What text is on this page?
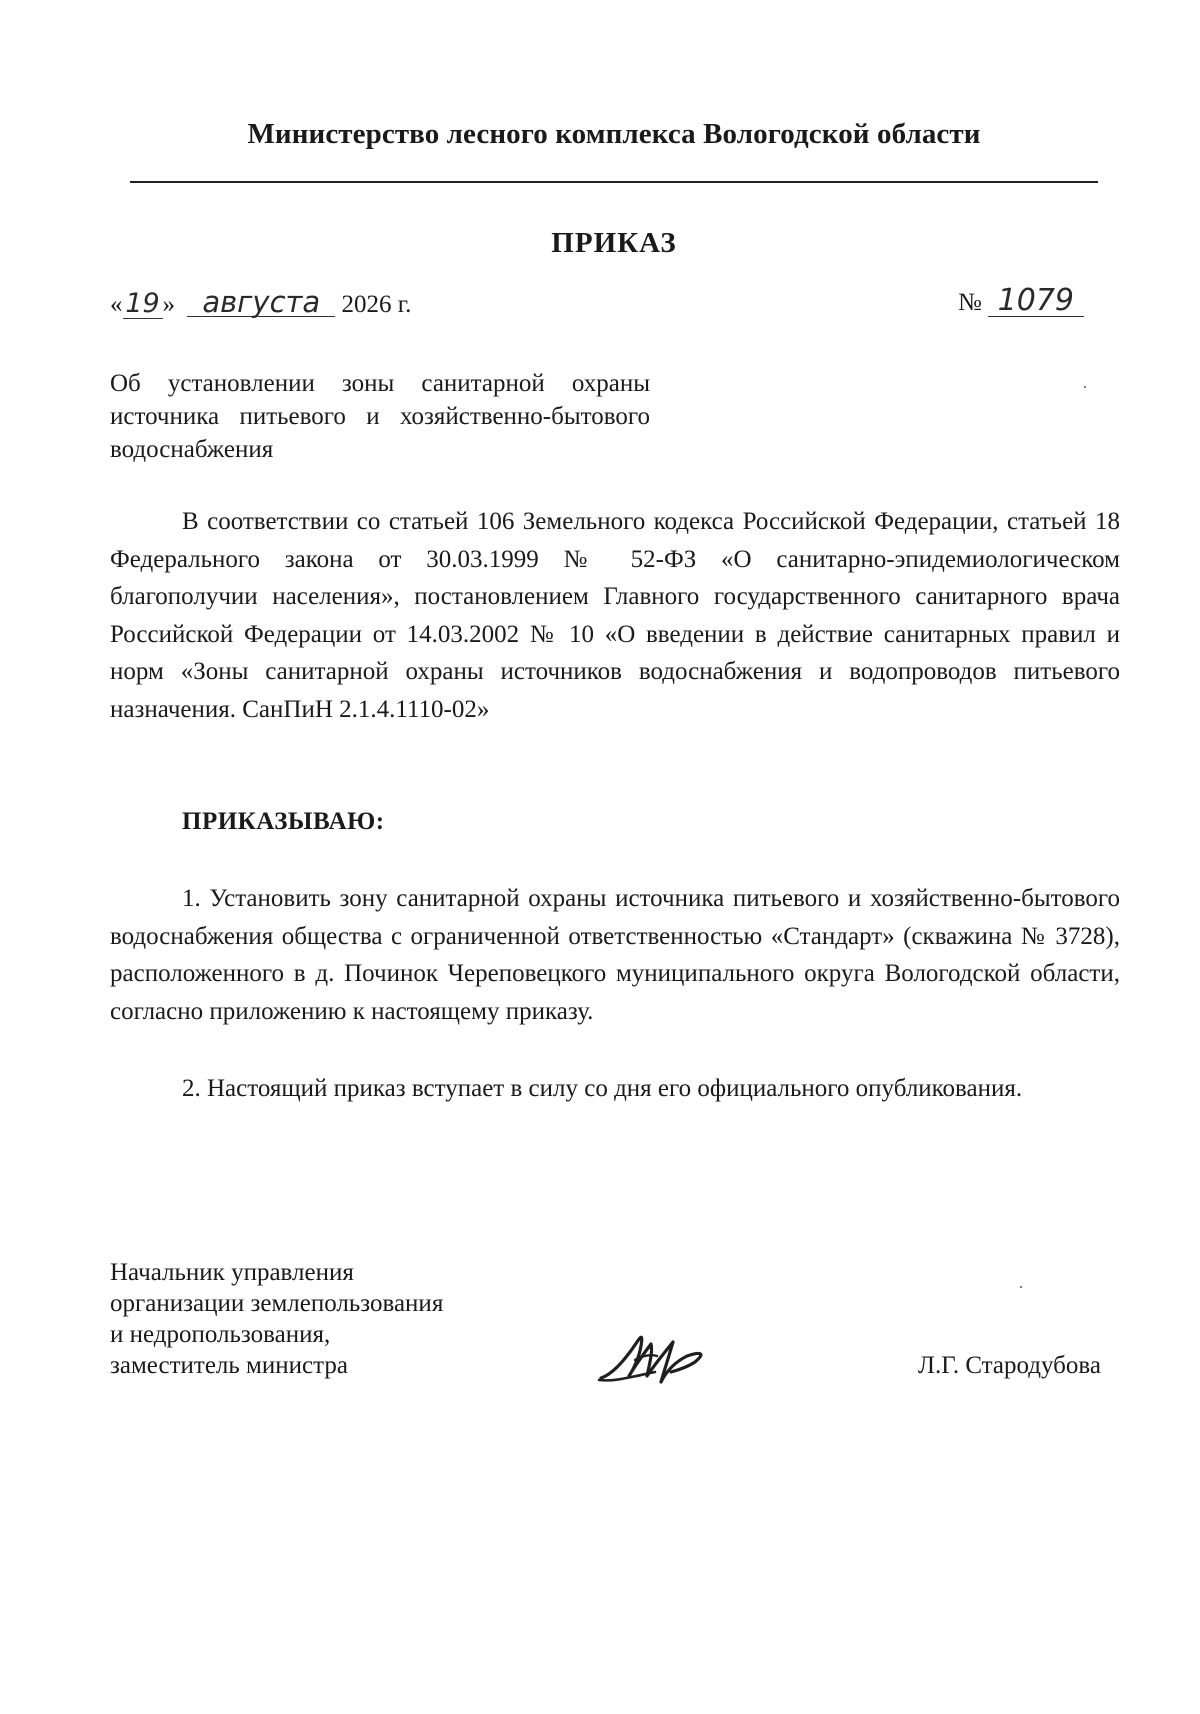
Министерство лесного комплекса Вологодской области
ПРИКАЗ
« 19 » августа 2026 г.	№ 1079
Об установлении зоны санитарной охраны источника питьевого и хозяйственно-бытового водоснабжения
В соответствии со статьей 106 Земельного кодекса Российской Федерации, статьей 18 Федерального закона от 30.03.1999 № 52-ФЗ «О санитарно-эпидемиологическом благополучии населения», постановлением Главного государственного санитарного врача Российской Федерации от 14.03.2002 № 10 «О введении в действие санитарных правил и норм «Зоны санитарной охраны источников водоснабжения и водопроводов питьевого назначения. СанПиН 2.1.4.1110-02»
ПРИКАЗЫВАЮ:
1. Установить зону санитарной охраны источника питьевого и хозяйственно-бытового водоснабжения общества с ограниченной ответственностью «Стандарт» (скважина № 3728), расположенного в д. Починок Череповецкого муниципального округа Вологодской области, согласно приложению к настоящему приказу.
2. Настоящий приказ вступает в силу со дня его официального опубликования.
Начальник управления
организации землепользования
и недропользования,
заместитель министра	Л.Г. Стародубова
